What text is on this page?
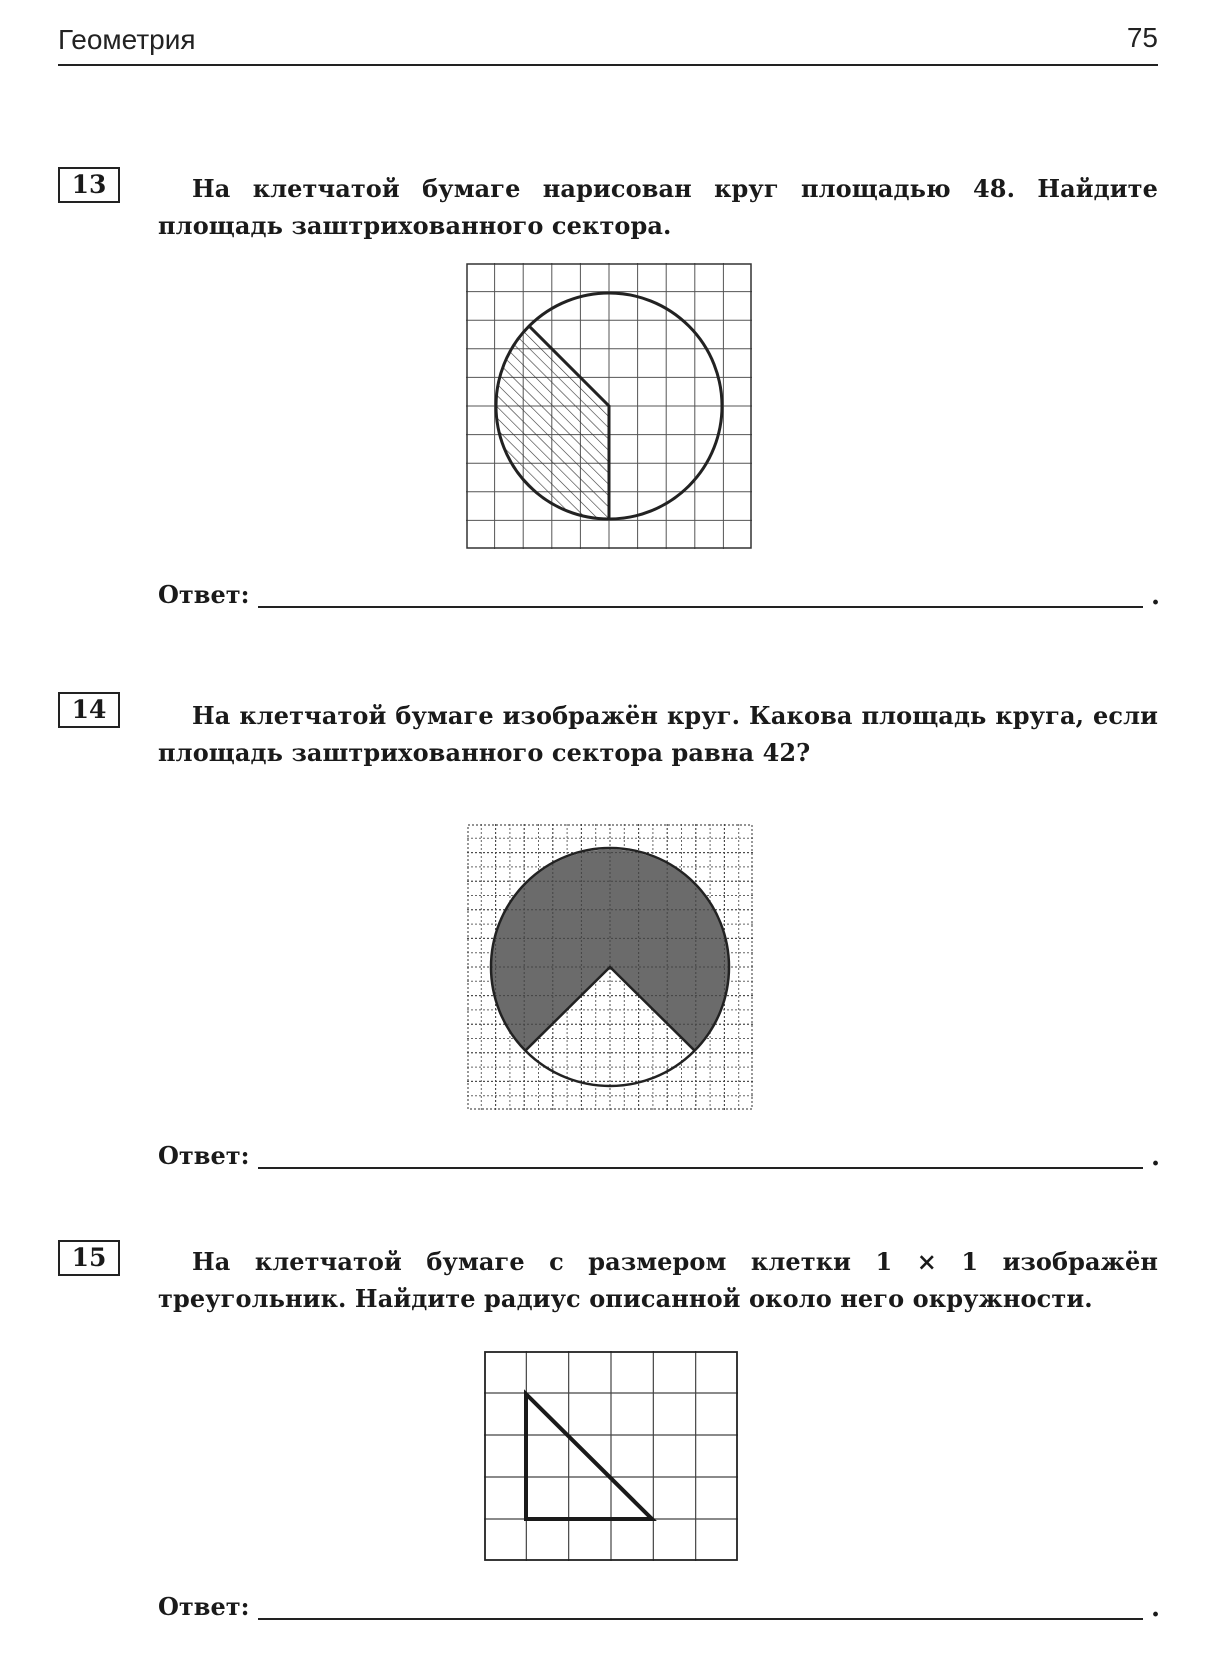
Геометрия	75
13	На клетчатой бумаге нарисован круг площадью 48. Найдите площадь заштрихованного сектора.

Ответ:	.
14	На клетчатой бумаге изображён круг. Какова площадь круга, если площадь заштрихованного сектора равна 42?

Ответ:	.
15	На клетчатой бумаге с размером клетки 1 × 1 изображён треугольник. Найдите радиус описанной около него окружности.

Ответ:	.
